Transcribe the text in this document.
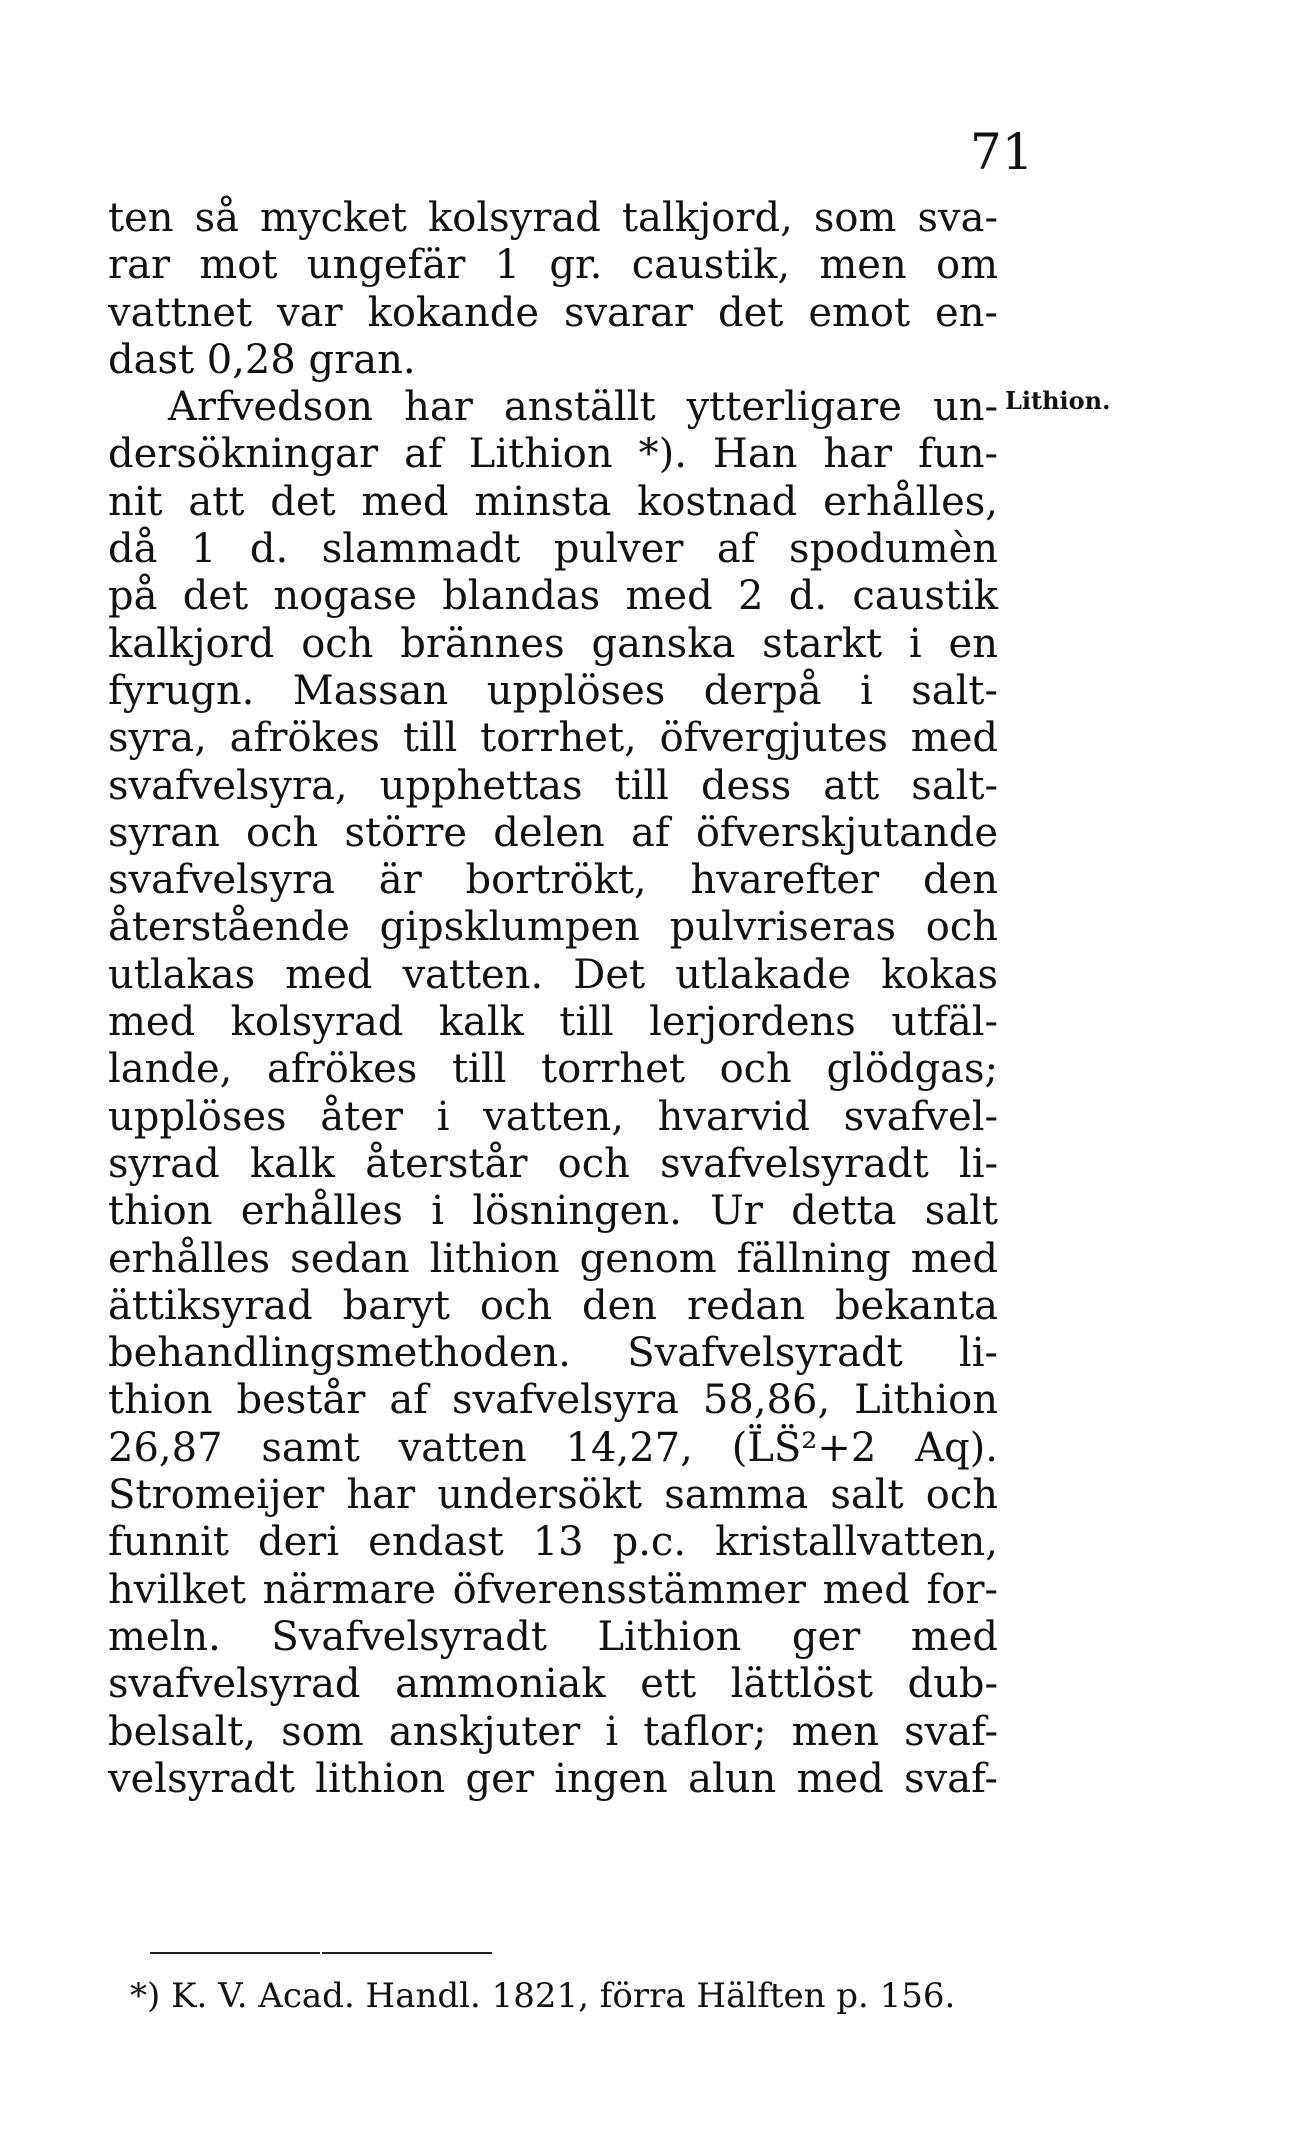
71
Lithion.
ten så mycket kolsyrad talkjord, som sva-
rar mot ungefär 1 gr. caustik, men om
vattnet var kokande svarar det emot en-
dast 0,28 gran.
Arfvedson har anställt ytterligare un-
dersökningar af Lithion *). Han har fun-
nit att det med minsta kostnad erhålles,
då 1 d. slammadt pulver af spodumèn
på det nogase blandas med 2 d. caustik
kalkjord och brännes ganska starkt i en
fyrugn. Massan upplöses derpå i salt-
syra, afrökes till torrhet, öfvergjutes med
svafvelsyra, upphettas till dess att salt-
syran och större delen af öfverskjutande
svafvelsyra är bortrökt, hvarefter den
återstående gipsklumpen pulvriseras och
utlakas med vatten. Det utlakade kokas
med kolsyrad kalk till lerjordens utfäl-
lande, afrökes till torrhet och glödgas;
upplöses åter i vatten, hvarvid svafvel-
syrad kalk återstår och svafvelsyradt li-
thion erhålles i lösningen. Ur detta salt
erhålles sedan lithion genom fällning med
ättiksyrad baryt och den redan bekanta
behandlingsmethoden. Svafvelsyradt li-
thion består af svafvelsyra 58,86, Lithion
26,87 samt vatten 14,27, (L̈S̈²+2 Aq).
Stromeijer har undersökt samma salt och
funnit deri endast 13 p.c. kristallvatten,
hvilket närmare öfverensstämmer med for-
meln. Svafvelsyradt Lithion ger med
svafvelsyrad ammoniak ett lättlöst dub-
belsalt, som anskjuter i taflor; men svaf-
velsyradt lithion ger ingen alun med svaf-
*) K. V. Acad. Handl. 1821, förra Hälften p. 156.
